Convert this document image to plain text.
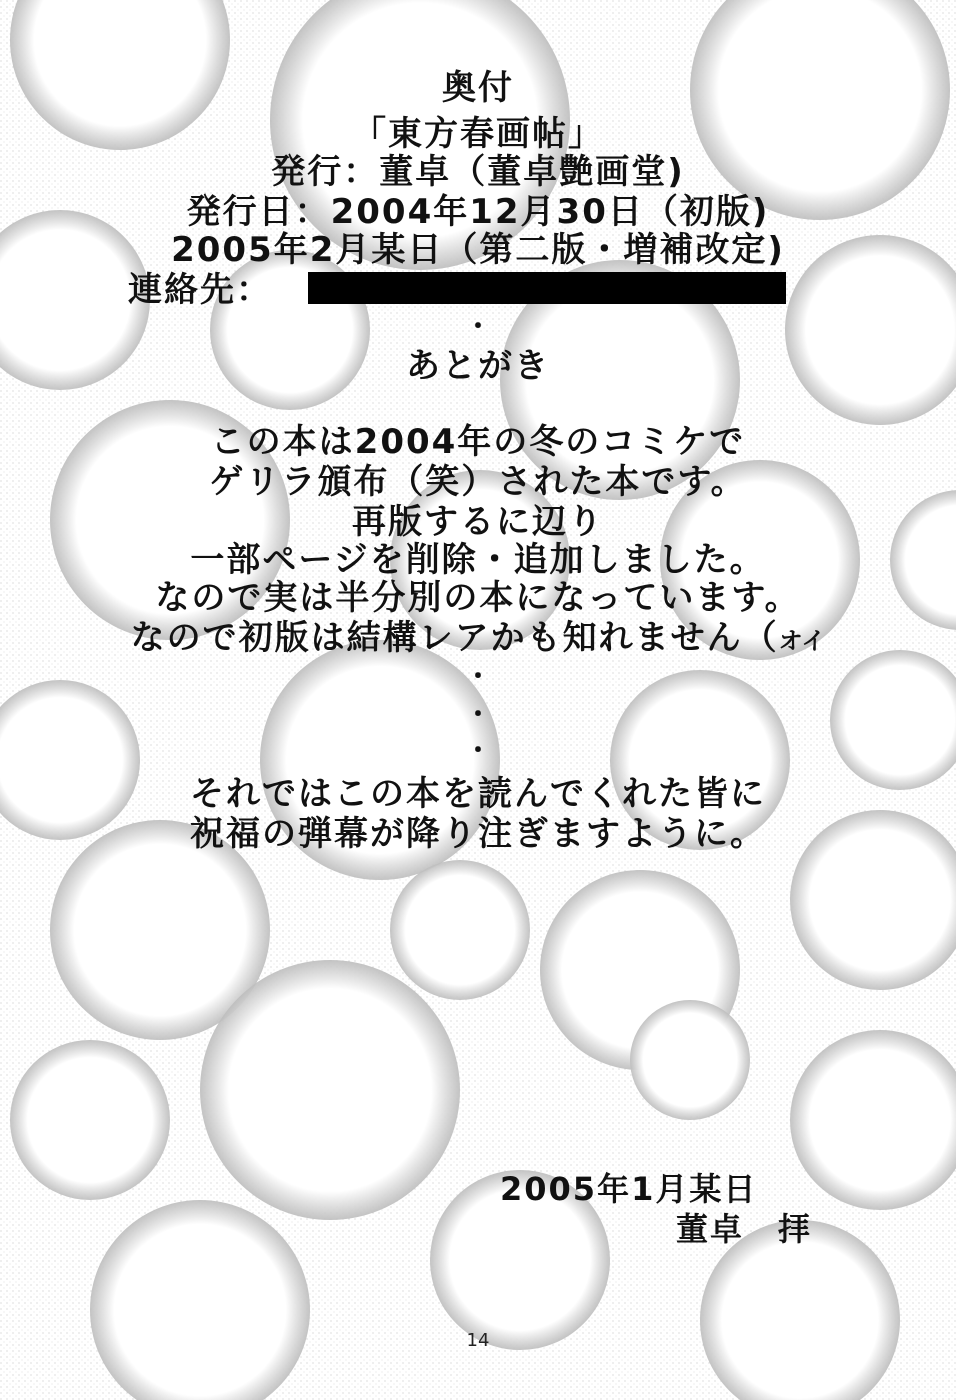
奥付
「東方春画帖」
発行：董卓（董卓艶画堂)
発行日：2004年12月30日（初版)
2005年2月某日（第二版・増補改定)
連絡先：
・
あとがき
この本は2004年の冬のコミケで
ゲリラ頒布（笑）された本です。
再版するに辺り
一部ページを削除・追加しました。
なので実は半分別の本になっています。
なので初版は結構レアかも知れません（オイ
・
・
・
それではこの本を読んでくれた皆に
祝福の弾幕が降り注ぎますように。
2005年1月某日
董卓　拝
14
